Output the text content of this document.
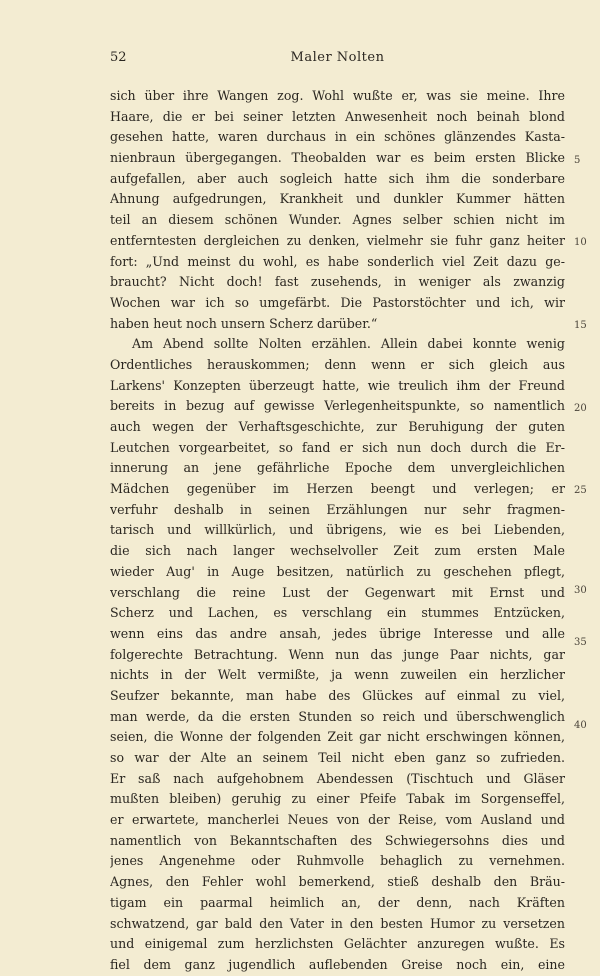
52	Maler Nolten
sich über ihre Wangen zog. Wohl wußte er, was sie meine. Ihre
Haare, die er bei seiner letzten Anwesenheit noch beinah blond
gesehen hatte, waren durchaus in ein schönes glänzendes Kasta-
nienbraun übergegangen. Theobalden war es beim ersten Blicke
aufgefallen, aber auch sogleich hatte sich ihm die sonderbare
Ahnung aufgedrungen, Krankheit und dunkler Kummer hätten
teil an diesem schönen Wunder. Agnes selber schien nicht im
entferntesten dergleichen zu denken, vielmehr sie fuhr ganz heiter
fort: „Und meinst du wohl, es habe sonderlich viel Zeit dazu ge-
braucht? Nicht doch! fast zusehends, in weniger als zwanzig
Wochen war ich so umgefärbt. Die Pastorstöchter und ich, wir
haben heut noch unsern Scherz darüber.“
Am Abend sollte Nolten erzählen. Allein dabei konnte wenig
Ordentliches herauskommen; denn wenn er sich gleich aus
Larkens' Konzepten überzeugt hatte, wie treulich ihm der Freund
bereits in bezug auf gewisse Verlegenheitspunkte, so namentlich
auch wegen der Verhaftsgeschichte, zur Beruhigung der guten
Leutchen vorgearbeitet, so fand er sich nun doch durch die Er-
innerung an jene gefährliche Epoche dem unvergleichlichen
Mädchen gegenüber im Herzen beengt und verlegen; er
verfuhr deshalb in seinen Erzählungen nur sehr fragmen-
tarisch und willkürlich, und übrigens, wie es bei Liebenden,
die sich nach langer wechselvoller Zeit zum ersten Male
wieder Aug' in Auge besitzen, natürlich zu geschehen pflegt,
verschlang die reine Lust der Gegenwart mit Ernst und
Scherz und Lachen, es verschlang ein stummes Entzücken,
wenn eins das andre ansah, jedes übrige Interesse und alle
folgerechte Betrachtung. Wenn nun das junge Paar nichts, gar
nichts in der Welt vermißte, ja wenn zuweilen ein herzlicher
Seufzer bekannte, man habe des Glückes auf einmal zu viel,
man werde, da die ersten Stunden so reich und überschwenglich
seien, die Wonne der folgenden Zeit gar nicht erschwingen können,
so war der Alte an seinem Teil nicht eben ganz so zufrieden.
Er saß nach aufgehobnem Abendessen (Tischtuch und Gläser
mußten bleiben) geruhig zu einer Pfeife Tabak im Sorgenseffel,
er erwartete, mancherlei Neues von der Reise, vom Ausland und
namentlich von Bekanntschaften des Schwiegersohns dies und
jenes Angenehme oder Ruhmvolle behaglich zu vernehmen.
Agnes, den Fehler wohl bemerkend, stieß deshalb den Bräu-
tigam ein paarmal heimlich an, der denn, nach Kräften
schwatzend, gar bald den Vater in den besten Humor zu versetzen
und einigemal zum herzlichsten Gelächter anzuregen wußte. Es
fiel dem ganz jugendlich auflebenden Greise noch ein, eine
5
10
15
20
25
30
35
40
